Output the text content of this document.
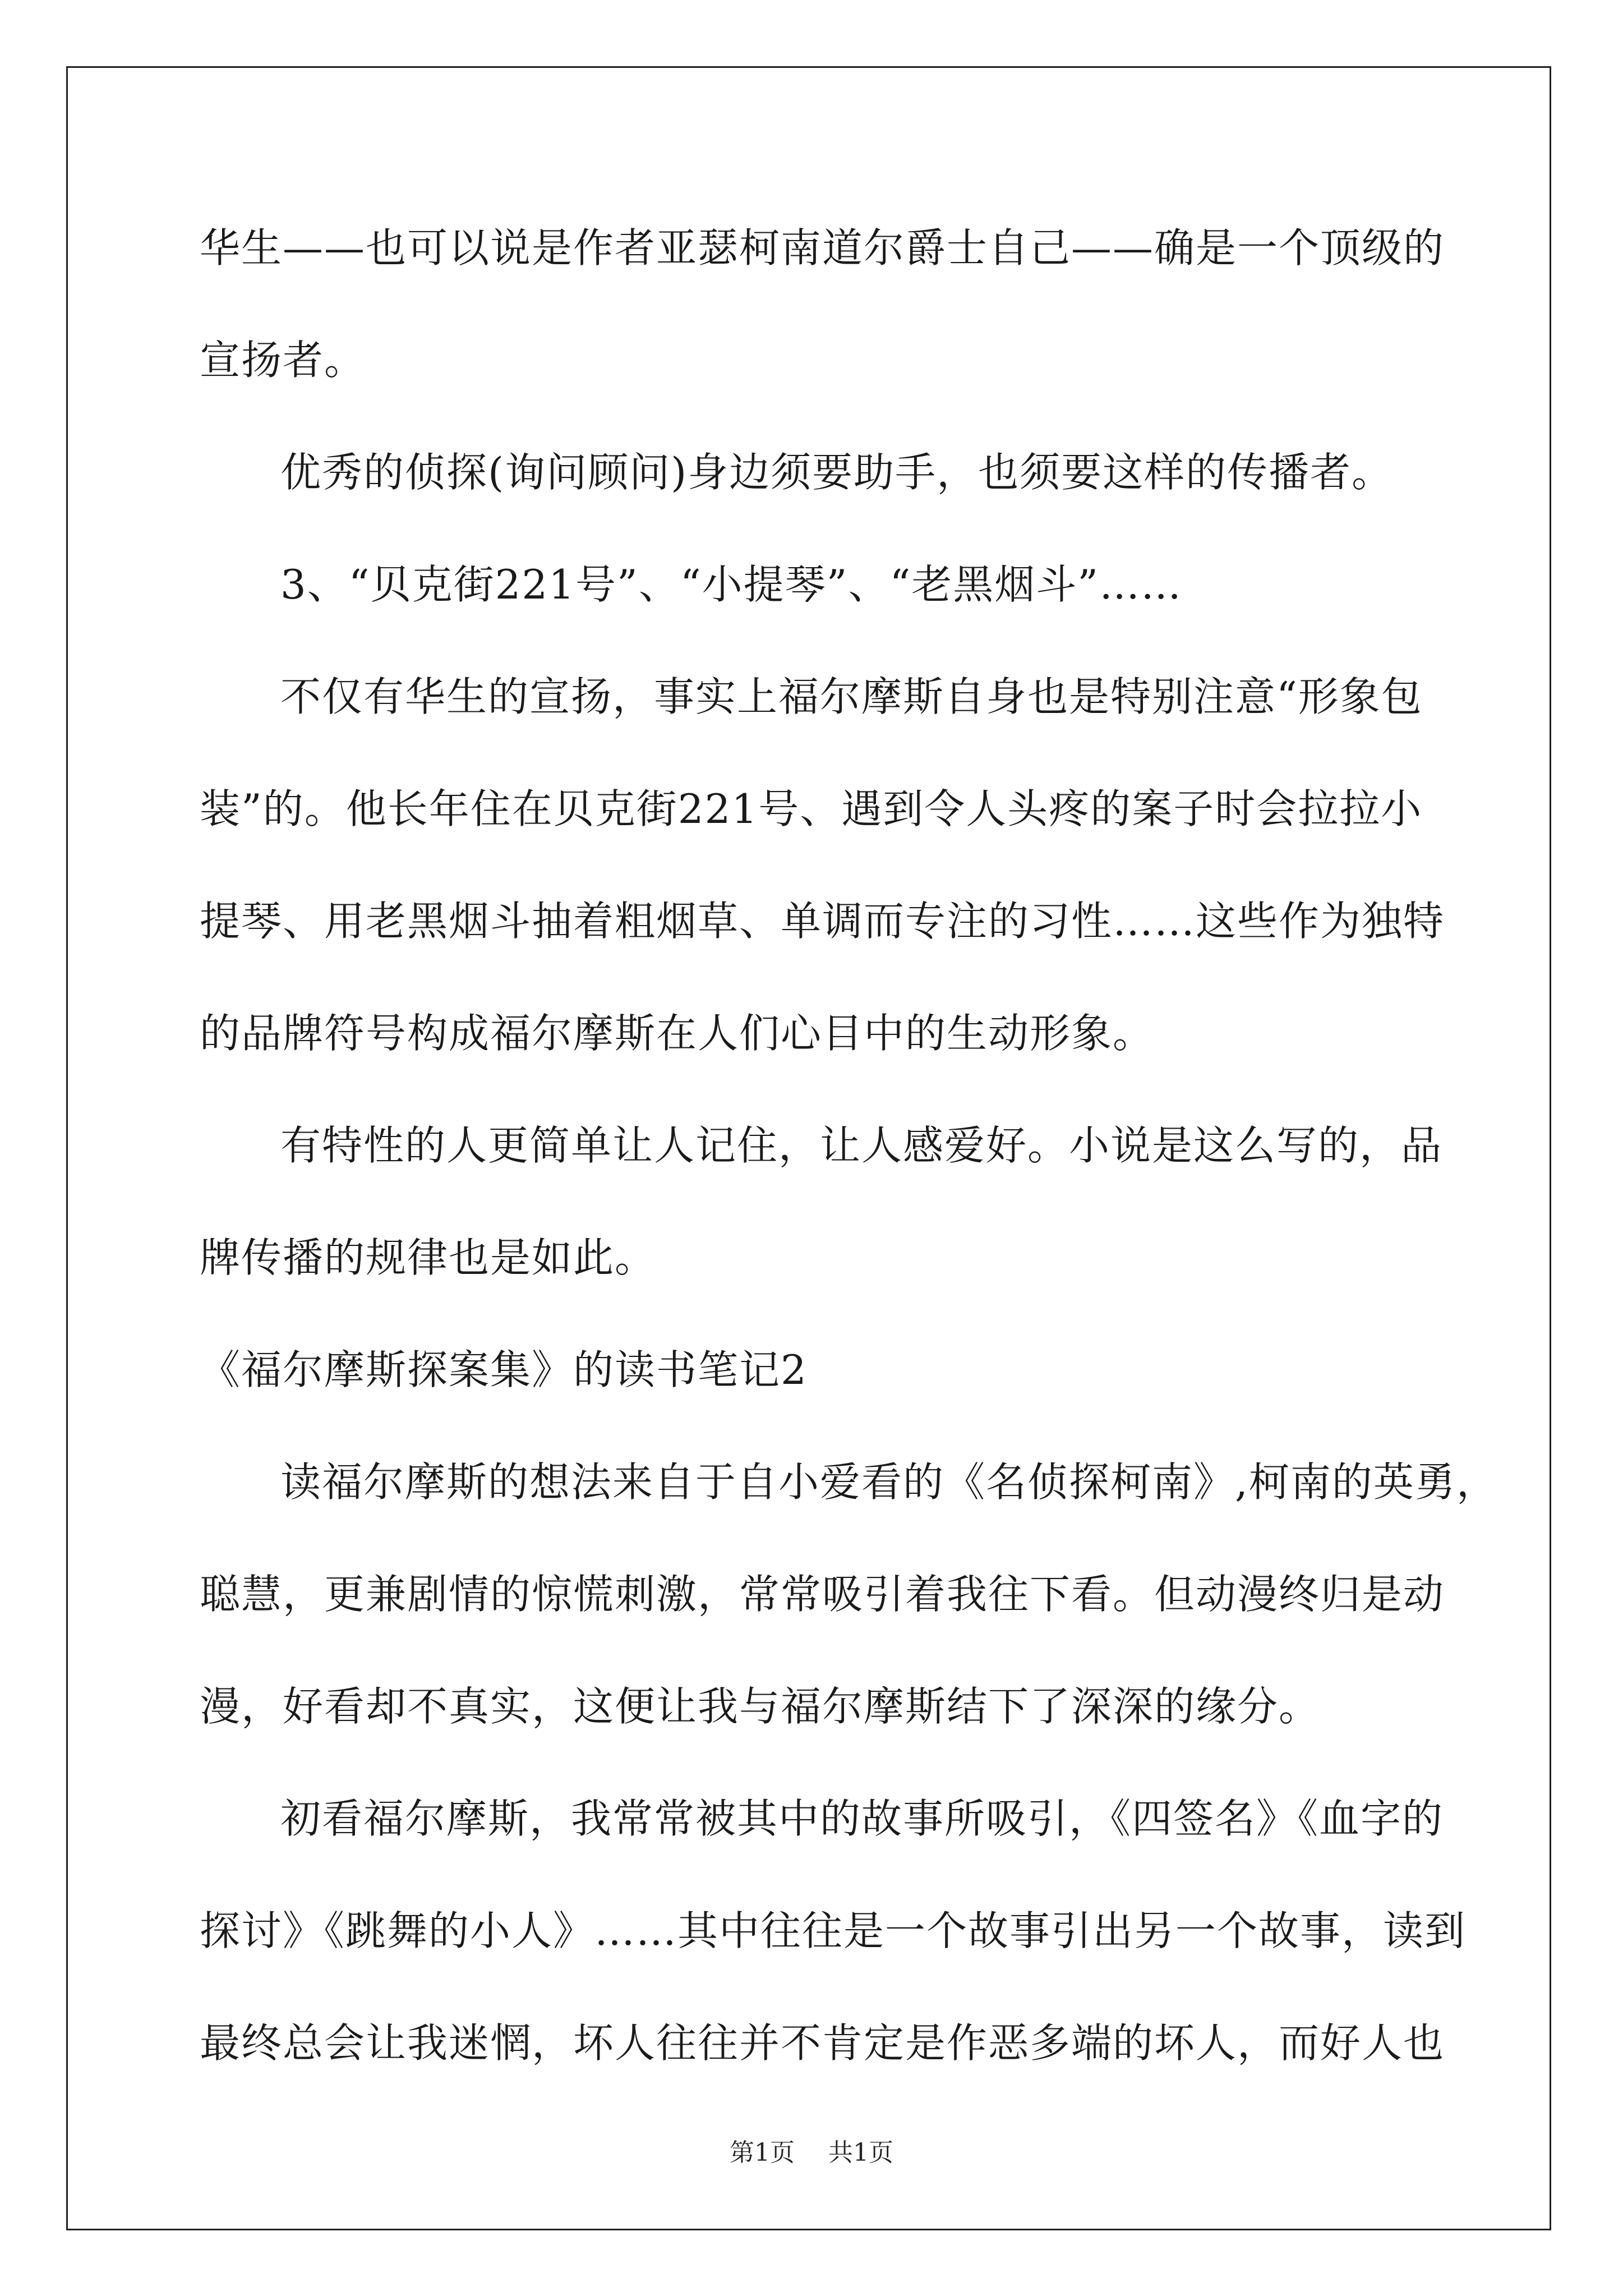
华生——也可以说是作者亚瑟柯南道尔爵士自己——确是一个顶级的
宣扬者。
优秀的侦探(询问顾问)身边须要助手，也须要这样的传播者。
3、“贝克街221号”、“小提琴”、“老黑烟斗”……
不仅有华生的宣扬，事实上福尔摩斯自身也是特别注意“形象包
装”的。他长年住在贝克街221号、遇到令人头疼的案子时会拉拉小
提琴、用老黑烟斗抽着粗烟草、单调而专注的习性……这些作为独特
的品牌符号构成福尔摩斯在人们心目中的生动形象。
有特性的人更简单让人记住，让人感爱好。小说是这么写的，品
牌传播的规律也是如此。
《福尔摩斯探案集》的读书笔记2
读福尔摩斯的想法来自于自小爱看的《名侦探柯南》,柯南的英勇，
聪慧，更兼剧情的惊慌刺激，常常吸引着我往下看。但动漫终归是动
漫，好看却不真实，这便让我与福尔摩斯结下了深深的缘分。
初看福尔摩斯，我常常被其中的故事所吸引，《四签名》《血字的
探讨》《跳舞的小人》……其中往往是一个故事引出另一个故事，读到
最终总会让我迷惘，坏人往往并不肯定是作恶多端的坏人，而好人也
第1页 共1页
